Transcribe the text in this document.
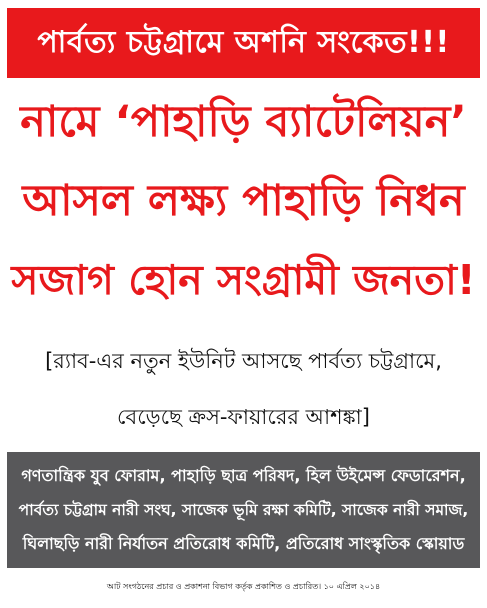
পার্বত্য চট্টগ্রামে অশনি সংকেত!!!
নামে ‘পাহাড়ি ব্যাটেলিয়ন’
আসল লক্ষ্য পাহাড়ি নিধন
সজাগ হোন সংগ্রামী জনতা!
[র‌্যাব-এর নতুন ইউনিট আসছে পার্বত্য চট্টগ্রামে,
বেড়েছে ক্রস-ফায়ারের আশঙ্কা]
গণতান্ত্রিক যুব ফোরাম, পাহাড়ি ছাত্র পরিষদ, হিল উইমেন্স ফেডারেশন,
পার্বত্য চট্টগ্রাম নারী সংঘ, সাজেক ভূমি রক্ষা কমিটি, সাজেক নারী সমাজ,
ঘিলাছড়ি নারী নির্যাতন প্রতিরোধ কমিটি, প্রতিরোধ সাংস্কৃতিক স্কোয়াড
আট সংগঠনের প্রচার ও প্রকাশনা বিভাগ কর্তৃক প্রকাশিত ও প্রচারিত। ১০ এপ্রিল ২০১৪
